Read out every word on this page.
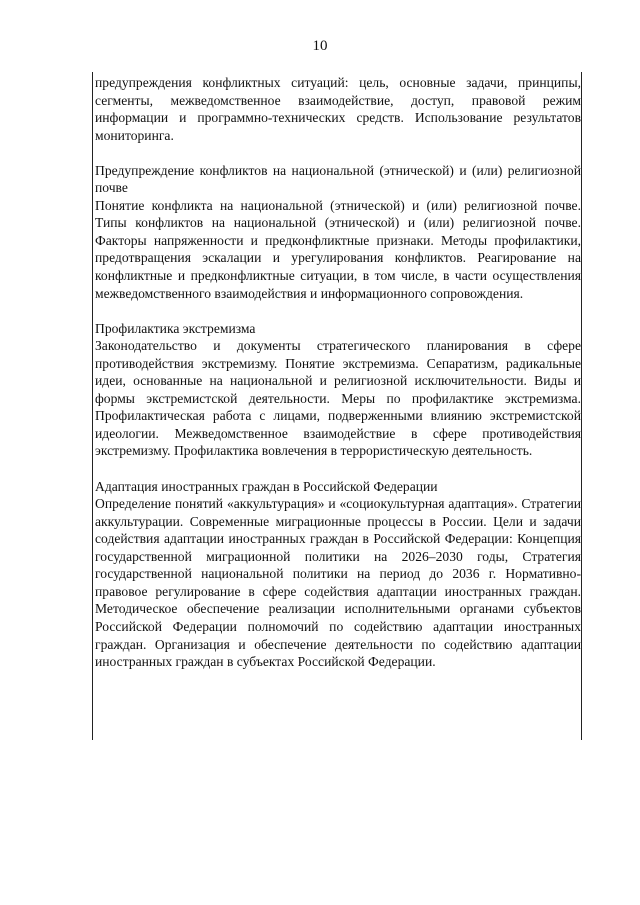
10

предупреждения конфликтных ситуаций: цель, основные задачи, принципы, сегменты, межведомственное взаимодействие, доступ, правовой режим информации и программно-технических средств. Использование результатов мониторинга.

Предупреждение конфликтов на национальной (этнической) и (или) религиозной почве

Понятие конфликта на национальной (этнической) и (или) религиозной почве. Типы конфликтов на национальной (этнической) и (или) религиозной почве. Факторы напряженности и предконфликтные признаки. Методы профилактики, предотвращения эскалации и урегулирования конфликтов. Реагирование на конфликтные и предконфликтные ситуации, в том числе, в части осуществления межведомственного взаимодействия и информационного сопровождения.

Профилактика экстремизма

Законодательство и документы стратегического планирования в сфере противодействия экстремизму. Понятие экстремизма. Сепаратизм, радикальные идеи, основанные на национальной и религиозной исключительности. Виды и формы экстремистской деятельности. Меры по профилактике экстремизма. Профилактическая работа с лицами, подверженными влиянию экстремистской идеологии. Межведомственное взаимодействие в сфере противодействия экстремизму. Профилактика вовлечения в террористическую деятельность.

Адаптация иностранных граждан в Российской Федерации

Определение понятий «аккультурация» и «социокультурная адаптация». Стратегии аккультурации. Современные миграционные процессы в России. Цели и задачи содействия адаптации иностранных граждан в Российской Федерации: Концепция государственной миграционной политики на 2026–2030 годы, Стратегия государственной национальной политики на период до 2036 г. Нормативно-правовое регулирование в сфере содействия адаптации иностранных граждан. Методическое обеспечение реализации исполнительными органами субъектов Российской Федерации полномочий по содействию адаптации иностранных граждан. Организация и обеспечение деятельности по содействию адаптации иностранных граждан в субъектах Российской Федерации.
